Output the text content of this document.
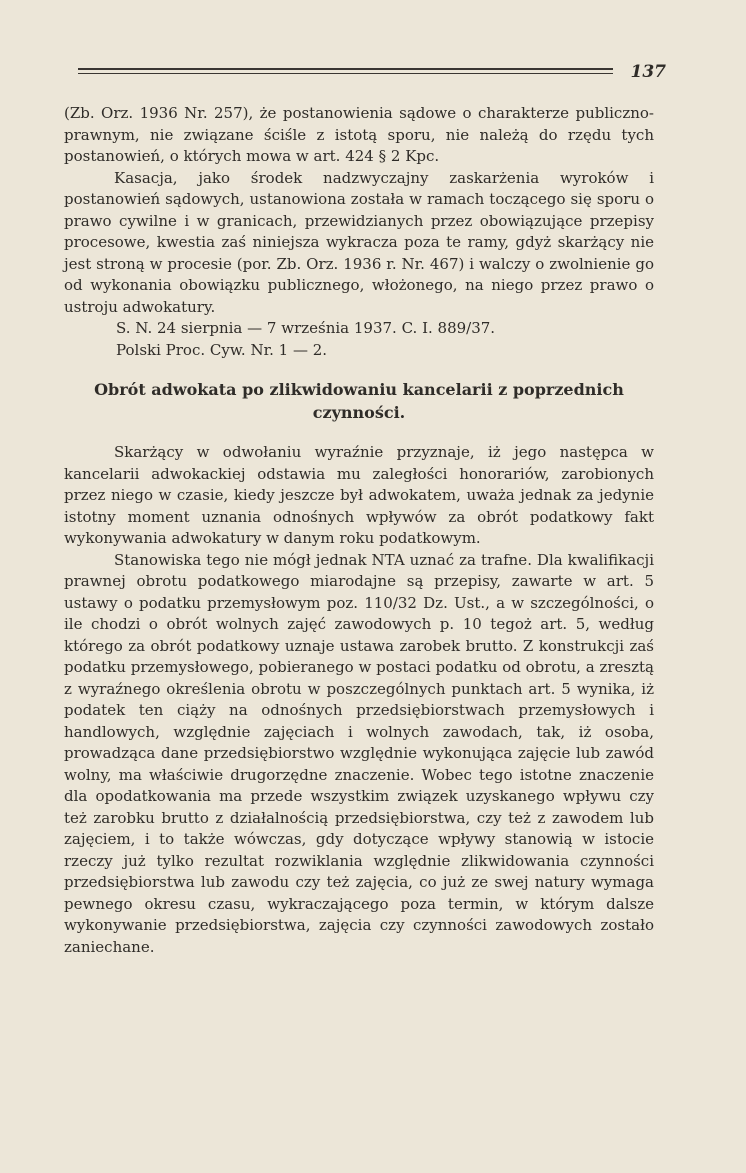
137

(Zb. Orz. 1936 Nr. 257), że postanowienia sądowe o charakterze publiczno-prawnym, nie związane ściśle z istotą sporu, nie należą do rzędu tych postanowień, o których mowa w art. 424 § 2 Kpc.

Kasacja, jako środek nadzwyczajny zaskarżenia wyroków i postanowień sądowych, ustanowiona została w ramach toczącego się sporu o prawo cywilne i w granicach, przewidzianych przez obowiązujące przepisy procesowe, kwestia zaś niniejsza wykracza poza te ramy, gdyż skarżący nie jest stroną w procesie (por. Zb. Orz. 1936 r. Nr. 467) i walczy o zwolnienie go od wykonania obowiązku publicznego, włożonego, na niego przez prawo o ustroju adwokatury.

S. N. 24 sierpnia — 7 września 1937. C. I. 889/37.

Polski Proc. Cyw. Nr. 1 — 2.

Obrót adwokata po zlikwidowaniu kancelarii z poprzednich czynności.

Skarżący w odwołaniu wyraźnie przyznaje, iż jego następca w kancelarii adwokackiej odstawia mu zaległości honorariów, zarobionych przez niego w czasie, kiedy jeszcze był adwokatem, uważa jednak za jedynie istotny moment uznania odnośnych wpływów za obrót podatkowy fakt wykonywania adwokatury w danym roku podatkowym.

Stanowiska tego nie mógł jednak NTA uznać za trafne. Dla kwalifikacji prawnej obrotu podatkowego miarodajne są przepisy, zawarte w art. 5 ustawy o podatku przemysłowym poz. 110/32 Dz. Ust., a w szczególności, o ile chodzi o obrót wolnych zajęć zawodowych p. 10 tegoż art. 5, według którego za obrót podatkowy uznaje ustawa zarobek brutto. Z konstrukcji zaś podatku przemysłowego, pobieranego w postaci podatku od obrotu, a zresztą z wyraźnego określenia obrotu w poszczególnych punktach art. 5 wynika, iż podatek ten ciąży na odnośnych przedsiębiorstwach przemysłowych i handlowych, względnie zajęciach i wolnych zawodach, tak, iż osoba, prowadząca dane przedsiębiorstwo względnie wykonująca zajęcie lub zawód wolny, ma właściwie drugorzędne znaczenie. Wobec tego istotne znaczenie dla opodatkowania ma przede wszystkim związek uzyskanego wpływu czy też zarobku brutto z działalnością przedsiębiorstwa, czy też z zawodem lub zajęciem, i to także wówczas, gdy dotyczące wpływy stanowią w istocie rzeczy już tylko rezultat rozwiklania względnie zlikwidowania czynności przedsiębiorstwa lub zawodu czy też zajęcia, co już ze swej natury wymaga pewnego okresu czasu, wykraczającego poza termin, w którym dalsze wykonywanie przedsiębiorstwa, zajęcia czy czynności zawodowych zostało zaniechane.
